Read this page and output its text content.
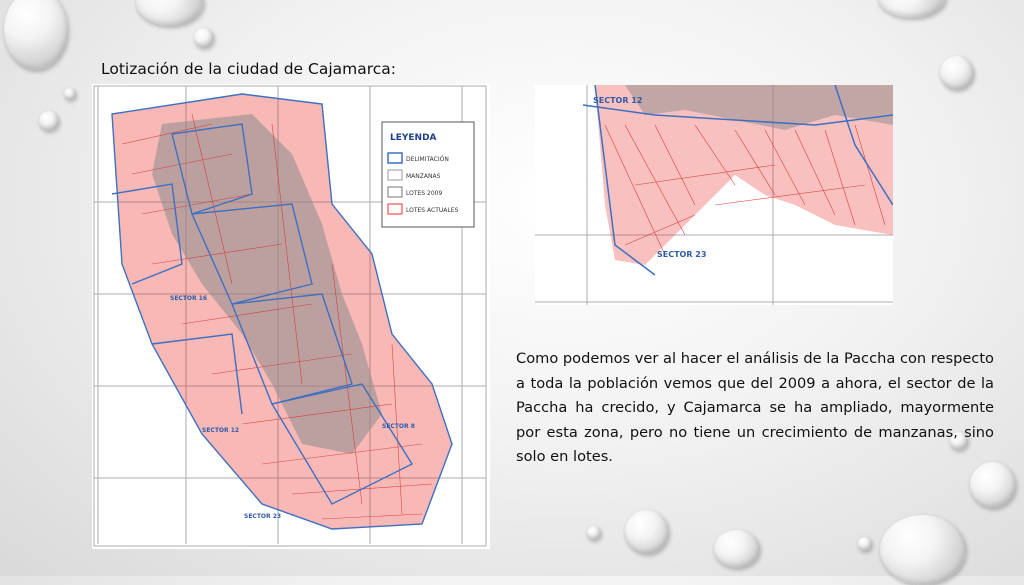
Lotización de la ciudad de Cajamarca:
SECTOR 12
SECTOR 16
SECTOR 23
SECTOR 8
LEYENDA
DELIMITACIÓN
MANZANAS
LOTES 2009
LOTES ACTUALES
SECTOR 12
SECTOR 23

Como podemos ver al hacer el análisis de la Paccha con respecto a toda la población vemos que del 2009 a ahora, el sector de la Paccha ha crecido, y Cajamarca se ha ampliado, mayormente por esta zona, pero no tiene un crecimiento de manzanas, sino solo en lotes.
